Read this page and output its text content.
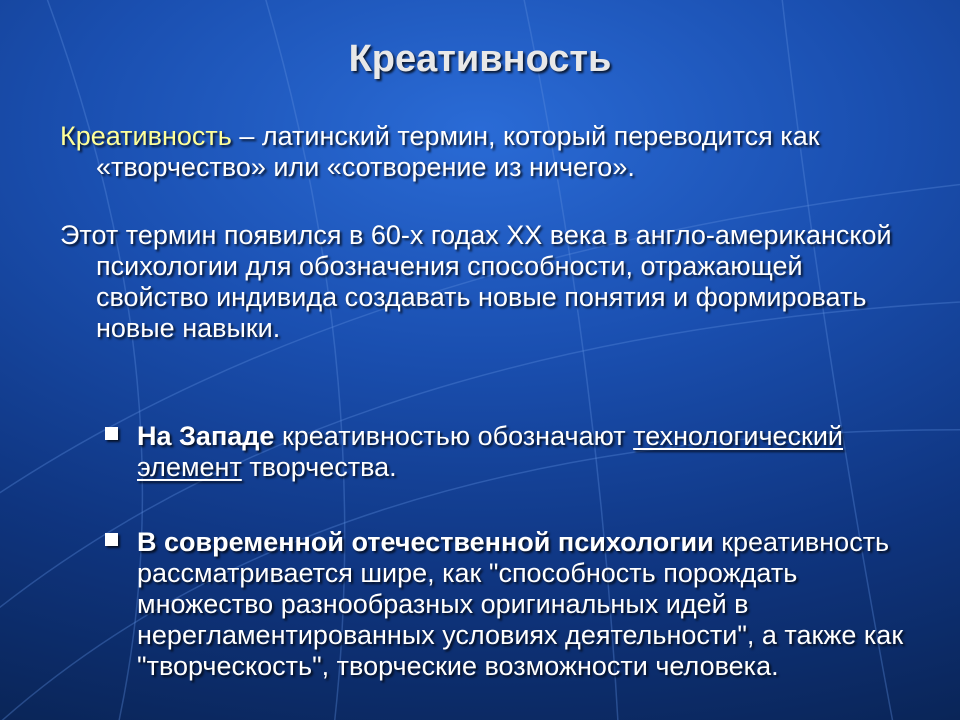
Креативность
Креативность – латинский термин, который переводится как «творчество» или «сотворение из ничего».
Этот термин появился в 60-х годах XX века в англо-американской психологии для обозначения способности, отражающей свойство индивида создавать новые понятия и формировать новые навыки.
На Западе креативностью обозначают технологический элемент творчества.
В современной отечественной психологии креативность рассматривается шире, как "способность порождать множество разнообразных оригинальных идей в нерегламентированных условиях деятельности", а также как "творческость", творческие возможности человека.
